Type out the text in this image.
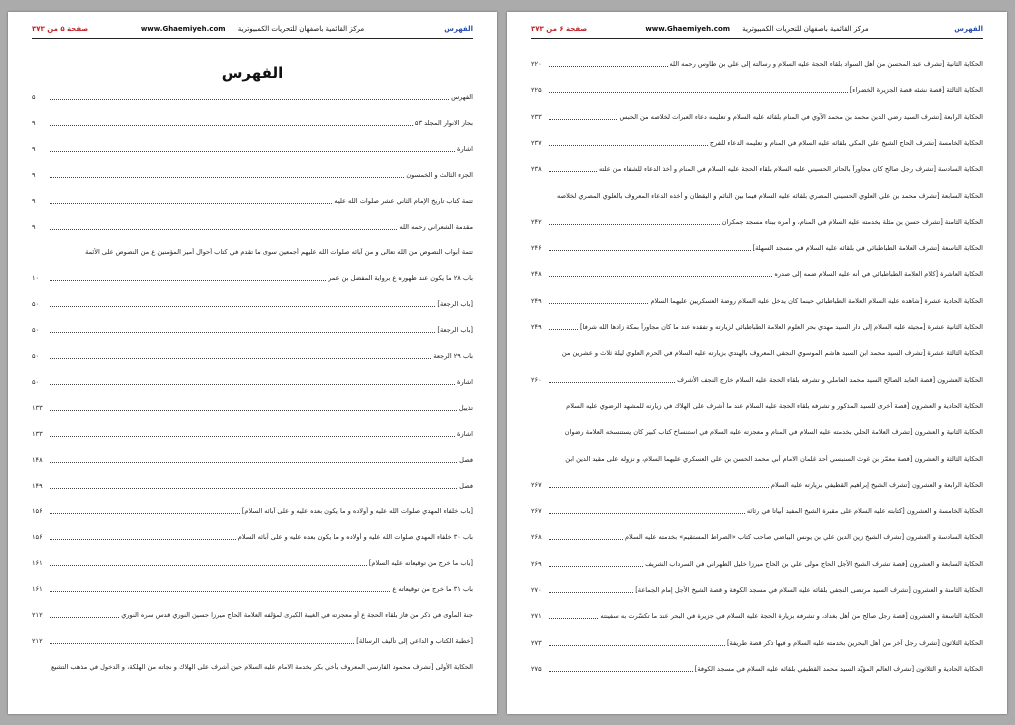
الفهرس
www.Ghaemiyeh.com مرکز القائمیة باصفهان للتحریات الکمبیوتریة
صفحة ۵ من ۳۷۳
الفهرس
الفهرس
۵
بحار الانوار المجلد ۵۳
۹
اشارة
۹
الجزء الثالث و الخمسون
۹
تتمة كتاب تاريخ الإمام الثاني عشر صلوات الله عليه
۹
مقدمة الشعراني رحمه الله
۹
تتمة أبواب النصوص من الله تعالى و من آبائه صلوات الله عليهم أجمعين سوى ما تقدم في كتاب أحوال أمير المؤمنين ع من النصوص على الأئمة
باب ۲۸ ما يكون عند ظهوره ع برواية المفضل بن عمر
۱۰
[باب الرجعة]
۵۰
[باب الرجعة]
۵۰
باب ۲۹ الرجعة
۵۰
اشارة
۵۰
تذييل
۱۳۳
اشارة
۱۳۳
فصل
۱۴۸
فصل
۱۴۹
[باب خلفاء المهدي صلوات الله عليه و أولاده و ما يكون بعده عليه و على آبائه السلام]
۱۵۶
باب ۳۰ خلفاء المهدي صلوات الله عليه و أولاده و ما يكون بعده عليه و على آبائه السلام
۱۵۶
[باب ما خرج من توقيعاته عليه السلام]
۱۶۱
باب ۳۱ ما خرج من توقيعاته ع
۱۶۱
جنة المأوى في ذكر من فاز بلقاء الحجة ع أو معجزته في الغيبة الكبرى لمؤلفه العلامة الحاج ميرزا حسين النوري قدس سره النوري
۲۱۲
[خطبة الكتاب و الداعي إلى تأليف الرسالة]
۲۱۲
الحكاية الأولى [تشرف محمود الفارسي المعروف بأخي بكر بخدمة الامام عليه السلام حين أشرف على الهلاك و نجاته من الهلكة، و الدخول في مذهب التشيع
الفهرس
www.Ghaemiyeh.com مرکز القائمیة باصفهان للتحریات الکمبیوتریة
صفحة ۶ من ۳۷۳
الحكاية الثانية [تشرف عبد المحسن من أهل السواد بلقاء الحجة عليه السلام و رسالته إلى علي بن طاوس رحمه الله
۲۲۰
الحكاية الثالثة [قصة نشئه قصة الجزيرة الخضراء]
۲۲۵
الحكاية الرابعة [تشرف السيد رضي الدين محمد بن محمد الآوي في المنام بلقائه عليه السلام و تعليمه دعاء العبرات لخلاصه من الحبس
۲۳۳
الحكاية الخامسة [تشرف الحاج الشيخ علي المكي بلقائه عليه السلام في المنام و تعليمه الدعاء للفرج
۲۳۷
الحكاية السادسة [تشرف رجل صالح كان مجاوراً بالحائر الحسيني عليه السلام بلقاء الحجة عليه السلام في المنام و أخذ الدعاء للشفاء من علته
۲۳۸
الحكاية السابعة [تشرف محمد بن علي العلوي الحسيني المصري بلقائه عليه السلام فيما بين النائم و اليقظان و أخذه الدعاء المعروف بالعلوي المصري لخلاصه
الحكاية الثامنة [تشرف حسن بن مثلة بخدمته عليه السلام في المنام، و أمره ببناء مسجد جمكران
۲۴۲
الحكاية التاسعة [تشرف العلامة الطباطبائي في بلقائه عليه السلام في مسجد السهلة]
۲۴۶
الحكاية العاشرة [كلام العلامة الطباطبائي في أنه عليه السلام ضمه إلى صدره
۲۴۸
الحكاية الحادية عشرة [شاهده عليه السلام العلامة الطباطبائي حينما كان يدخل عليه السلام روضة العسكريين عليهما السلام
۲۴۹
الحكاية الثانية عشرة [مجيئه عليه السلام إلى دار السيد مهدي بحر العلوم العلامة الطباطبائي لزيارته و تفقده عند ما كان مجاوراً بمكة زادها الله شرفا]
۲۴۹
الحكاية الثالثة عشرة [تشرف السيد محمد ابن السيد هاشم الموسوي النجفي المعروف بالهندي بزيارته عليه السلام في الحرم العلوي ليلة ثلاث و عشرين من
الحكاية العشرون [قصة العابد الصالح السيد محمد العاملي و تشرفه بلقاء الحجة عليه السلام خارج النجف الأشرف
۲۶۰
الحكاية الحادية و العشرون [قصة أخرى للسيد المذكور و تشرفه بلقاء الحجة عليه السلام عند ما أشرف على الهلاك في زيارته للمشهد الرضوي عليه السلام
الحكاية الثانية و العشرون [تشرف العلامة الحلي بخدمته عليه السلام في المنام و معجزته عليه السلام في استنساخ كتاب كبير كان يستنسخه العلامة رضوان
الحكاية الثالثة و العشرون [قصة معمّر بن غوث السنبسي أحد غلمان الامام أبي محمد الحسن بن علي العسكري عليهما السلام، و نزوله على مقيد الدين ابن
الحكاية الرابعة و العشرون [تشرف الشيخ إبراهيم القطيفي بزيارته عليه السلام
۲۶۷
الحكاية الخامسة و العشرون [كتابته عليه السلام على مقبرة الشيخ المفيد أبياتا في رثائه
۲۶۷
الحكاية السادسة و العشرون [تشرف الشيخ زين الدين علي بن يونس البياضي صاحب كتاب «الصراط المستقيم» بخدمته عليه السلام
۲۶۸
الحكاية السابعة و العشرون [قصة تشرف الشيخ الأجل الحاج مولى علي بن الحاج ميرزا خليل الطهراني في السرداب الشريف
۲۶۹
الحكاية الثامنة و العشرون [تشرف السيد مرتضى النجفي بلقائه عليه السلام في مسجد الكوفة و قصة الشيخ الأجل إمام الجماعة]
۲۷۰
الحكاية التاسعة و العشرون [قصة رجل صالح من أهل بغداد، و تشرفه بزيارة الحجة عليه السلام في جزيرة في البحر عند ما تكسّرت به سفينته
۲۷۱
الحكاية الثلاثون [تشرف رجل آخر من أهل البحرين بخدمته عليه السلام و فيها ذكر قصة طريفة]
۲۷۳
الحكاية الحادية و الثلاثون [تشرف العالم المؤيّد السيد محمد القطيفي بلقائه عليه السلام في مسجد الكوفة]
۲۷۵
